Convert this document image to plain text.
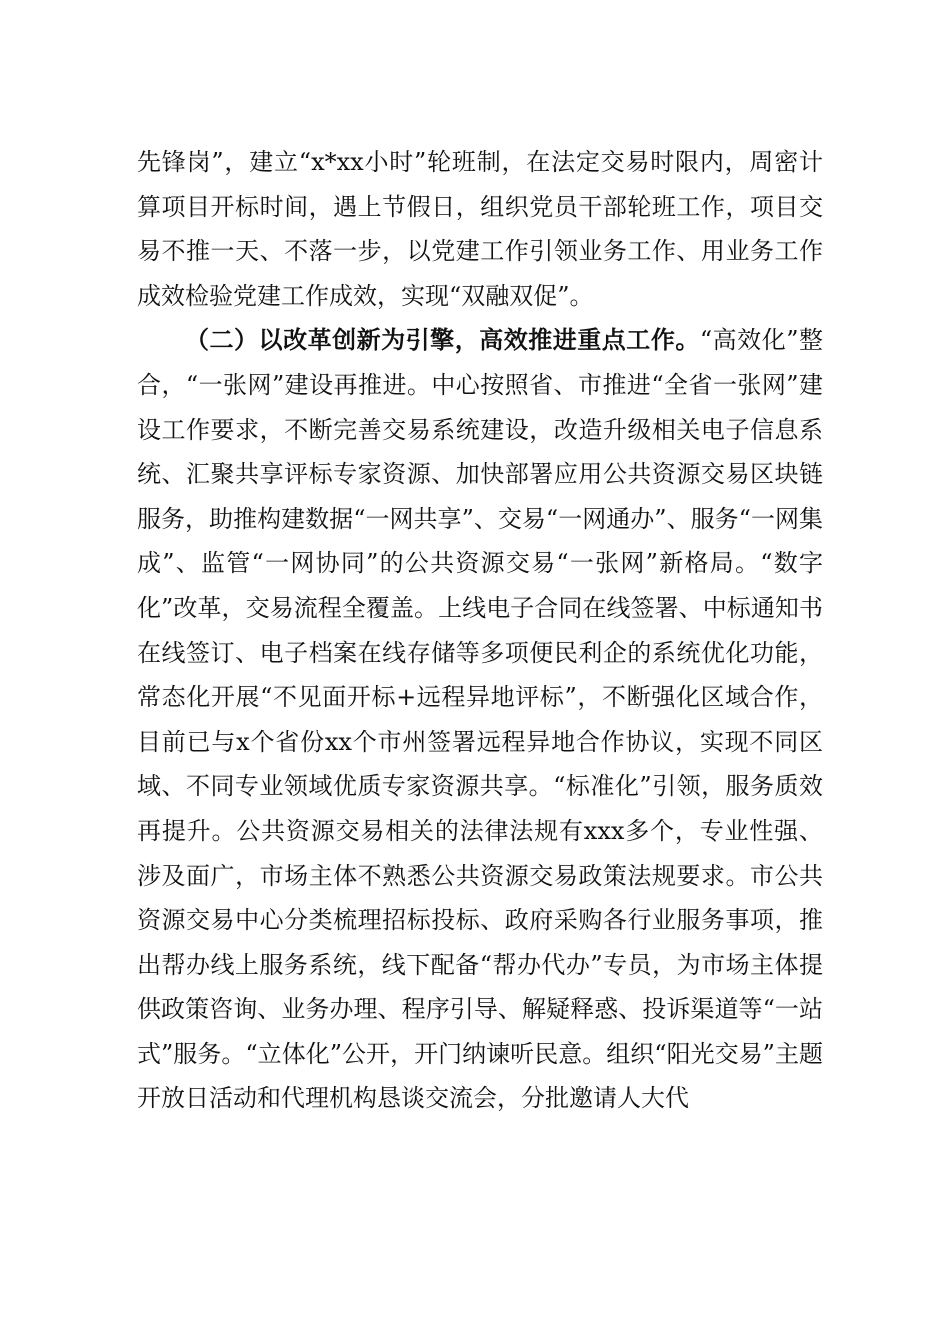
先锋岗”，建立“x*xx小时”轮班制，在法定交易时限内，周密计算项目开标时间，遇上节假日，组织党员干部轮班工作，项目交易不推一天、不落一步，以党建工作引领业务工作、用业务工作成效检验党建工作成效，实现“双融双促”。

（二）以改革创新为引擎，高效推进重点工作。“高效化”整合，“一张网”建设再推进。中心按照省、市推进“全省一张网”建设工作要求，不断完善交易系统建设，改造升级相关电子信息系统、汇聚共享评标专家资源、加快部署应用公共资源交易区块链服务，助推构建数据“一网共享”、交易“一网通办”、服务“一网集成”、监管“一网协同”的公共资源交易“一张网”新格局。“数字化”改革，交易流程全覆盖。上线电子合同在线签署、中标通知书在线签订、电子档案在线存储等多项便民利企的系统优化功能，常态化开展“不见面开标+远程异地评标”，不断强化区域合作，目前已与x个省份xx个市州签署远程异地合作协议，实现不同区域、不同专业领域优质专家资源共享。“标准化”引领，服务质效再提升。公共资源交易相关的法律法规有xxx多个，专业性强、涉及面广，市场主体不熟悉公共资源交易政策法规要求。市公共资源交易中心分类梳理招标投标、政府采购各行业服务事项，推出帮办线上服务系统，线下配备“帮办代办”专员，为市场主体提供政策咨询、业务办理、程序引导、解疑释惑、投诉渠道等“一站式”服务。“立体化”公开，开门纳谏听民意。组织“阳光交易”主题开放日活动和代理机构恳谈交流会，分批邀请人大代
